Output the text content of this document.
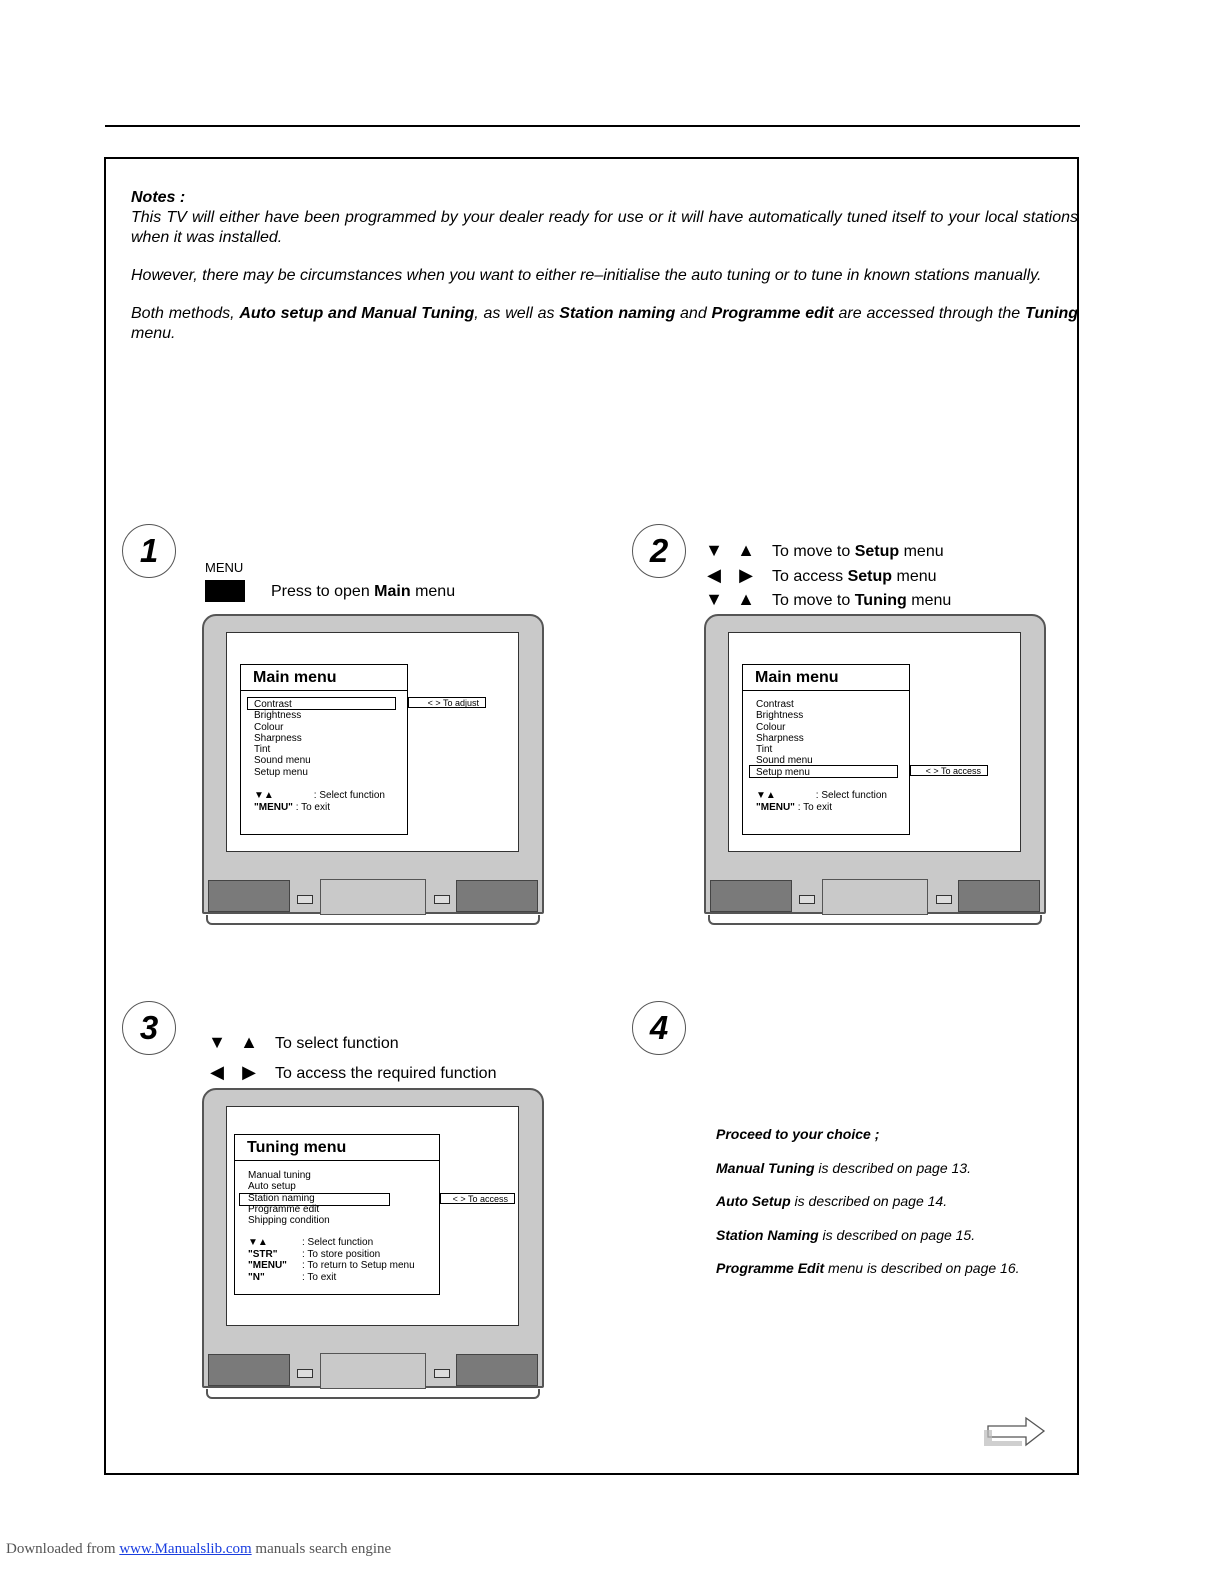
Notes :

This TV will either have been programmed by your dealer ready for use or it will have automatically tuned itself to your local stations when it was installed.

However, there may be circumstances when you want to either re–initialise the auto tuning or to tune in known stations manually.

Both methods, Auto setup and Manual Tuning, as well as Station naming and Programme edit are accessed through the Tuning menu.

1	MENU
Press to open Main menu
Main menu
Contrast
Brightness
Colour
Sharpness
Tint
Sound menu
Setup menu
▼▲	: Select function
"MENU" : To exit
< > To adjust
2	▼ ▲ To move to Setup menu
◀ ▶ To access Setup menu
▼ ▲ To move to Tuning menu
Main menu
Contrast
Brightness
Colour
Sharpness
Tint
Sound menu
Setup menu
▼▲	: Select function
"MENU" : To exit
< > To access
3	▼ ▲ To select function
◀ ▶ To access the required function
Tuning menu
Manual tuning
Auto setup
Station naming
Programme edit
Shipping condition
▼▲	: Select function
"STR" : To store position
"MENU" : To return to Setup menu
"N"	: To exit
< > To access
4
Proceed to your choice ;
Manual Tuning is described on page 13.
Auto Setup is described on page 14.
Station Naming is described on page 15.
Programme Edit menu is described on page 16.
Downloaded from www.Manualslib.com manuals search engine
